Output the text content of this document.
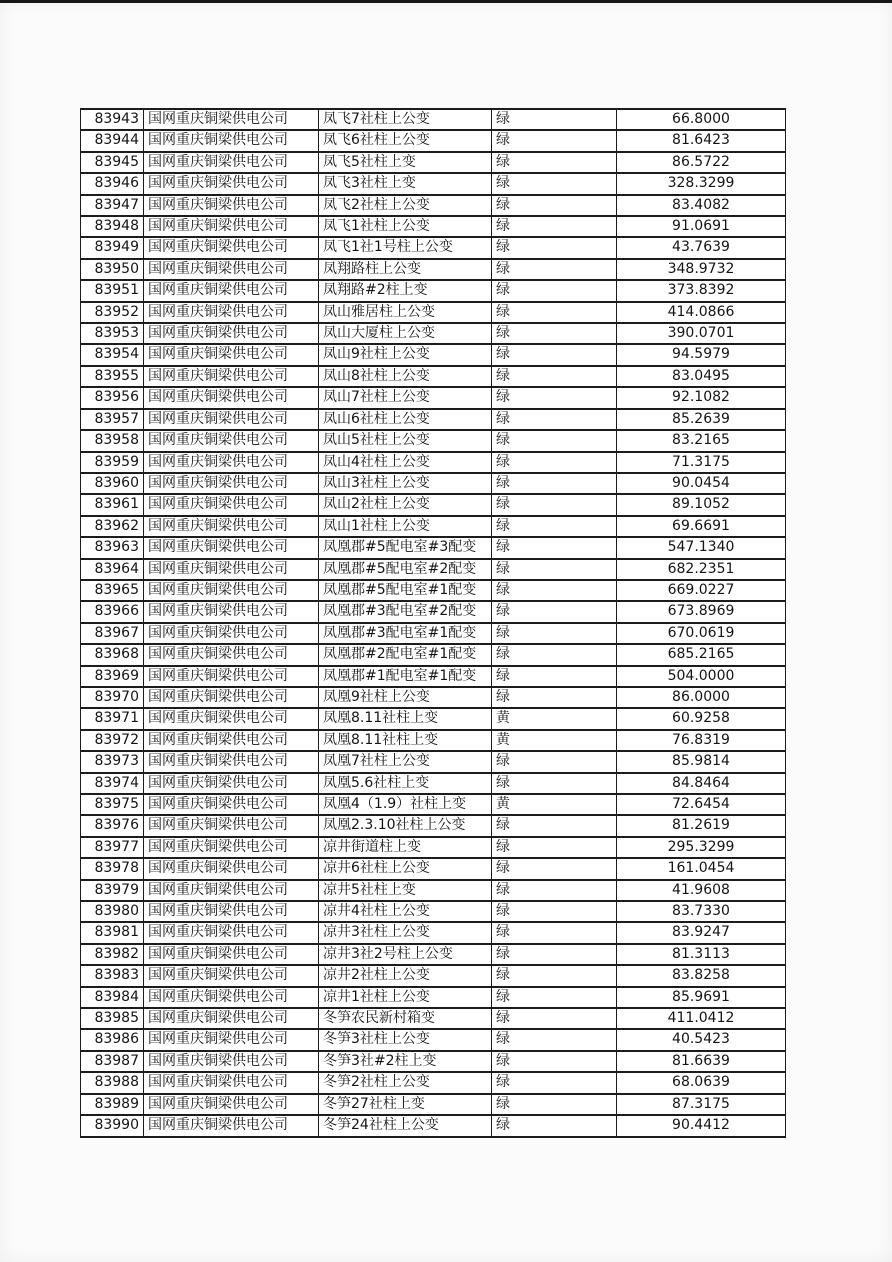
83943	国网重庆铜梁供电公司	凤飞7社柱上公变	绿	66.8000
83944	国网重庆铜梁供电公司	凤飞6社柱上公变	绿	81.6423
83945	国网重庆铜梁供电公司	凤飞5社柱上变	绿	86.5722
83946	国网重庆铜梁供电公司	凤飞3社柱上变	绿	328.3299
83947	国网重庆铜梁供电公司	凤飞2社柱上公变	绿	83.4082
83948	国网重庆铜梁供电公司	凤飞1社柱上公变	绿	91.0691
83949	国网重庆铜梁供电公司	凤飞1社1号柱上公变	绿	43.7639
83950	国网重庆铜梁供电公司	凤翔路柱上公变	绿	348.9732
83951	国网重庆铜梁供电公司	凤翔路#2柱上变	绿	373.8392
83952	国网重庆铜梁供电公司	凤山雅居柱上公变	绿	414.0866
83953	国网重庆铜梁供电公司	凤山大厦柱上公变	绿	390.0701
83954	国网重庆铜梁供电公司	凤山9社柱上公变	绿	94.5979
83955	国网重庆铜梁供电公司	凤山8社柱上公变	绿	83.0495
83956	国网重庆铜梁供电公司	凤山7社柱上公变	绿	92.1082
83957	国网重庆铜梁供电公司	凤山6社柱上公变	绿	85.2639
83958	国网重庆铜梁供电公司	凤山5社柱上公变	绿	83.2165
83959	国网重庆铜梁供电公司	凤山4社柱上公变	绿	71.3175
83960	国网重庆铜梁供电公司	凤山3社柱上公变	绿	90.0454
83961	国网重庆铜梁供电公司	凤山2社柱上公变	绿	89.1052
83962	国网重庆铜梁供电公司	凤山1社柱上公变	绿	69.6691
83963	国网重庆铜梁供电公司	凤凰郡#5配电室#3配变	绿	547.1340
83964	国网重庆铜梁供电公司	凤凰郡#5配电室#2配变	绿	682.2351
83965	国网重庆铜梁供电公司	凤凰郡#5配电室#1配变	绿	669.0227
83966	国网重庆铜梁供电公司	凤凰郡#3配电室#2配变	绿	673.8969
83967	国网重庆铜梁供电公司	凤凰郡#3配电室#1配变	绿	670.0619
83968	国网重庆铜梁供电公司	凤凰郡#2配电室#1配变	绿	685.2165
83969	国网重庆铜梁供电公司	凤凰郡#1配电室#1配变	绿	504.0000
83970	国网重庆铜梁供电公司	凤凰9社柱上公变	绿	86.0000
83971	国网重庆铜梁供电公司	凤凰8.11社柱上变	黄	60.9258
83972	国网重庆铜梁供电公司	凤凰8.11社柱上变	黄	76.8319
83973	国网重庆铜梁供电公司	凤凰7社柱上公变	绿	85.9814
83974	国网重庆铜梁供电公司	凤凰5.6社柱上变	绿	84.8464
83975	国网重庆铜梁供电公司	凤凰4（1.9）社柱上变	黄	72.6454
83976	国网重庆铜梁供电公司	凤凰2.3.10社柱上公变	绿	81.2619
83977	国网重庆铜梁供电公司	凉井街道柱上变	绿	295.3299
83978	国网重庆铜梁供电公司	凉井6社柱上公变	绿	161.0454
83979	国网重庆铜梁供电公司	凉井5社柱上变	绿	41.9608
83980	国网重庆铜梁供电公司	凉井4社柱上公变	绿	83.7330
83981	国网重庆铜梁供电公司	凉井3社柱上公变	绿	83.9247
83982	国网重庆铜梁供电公司	凉井3社2号柱上公变	绿	81.3113
83983	国网重庆铜梁供电公司	凉井2社柱上公变	绿	83.8258
83984	国网重庆铜梁供电公司	凉井1社柱上公变	绿	85.9691
83985	国网重庆铜梁供电公司	冬笋农民新村箱变	绿	411.0412
83986	国网重庆铜梁供电公司	冬笋3社柱上公变	绿	40.5423
83987	国网重庆铜梁供电公司	冬笋3社#2柱上变	绿	81.6639
83988	国网重庆铜梁供电公司	冬笋2社柱上公变	绿	68.0639
83989	国网重庆铜梁供电公司	冬笋27社柱上变	绿	87.3175
83990	国网重庆铜梁供电公司	冬笋24社柱上公变	绿	90.4412
